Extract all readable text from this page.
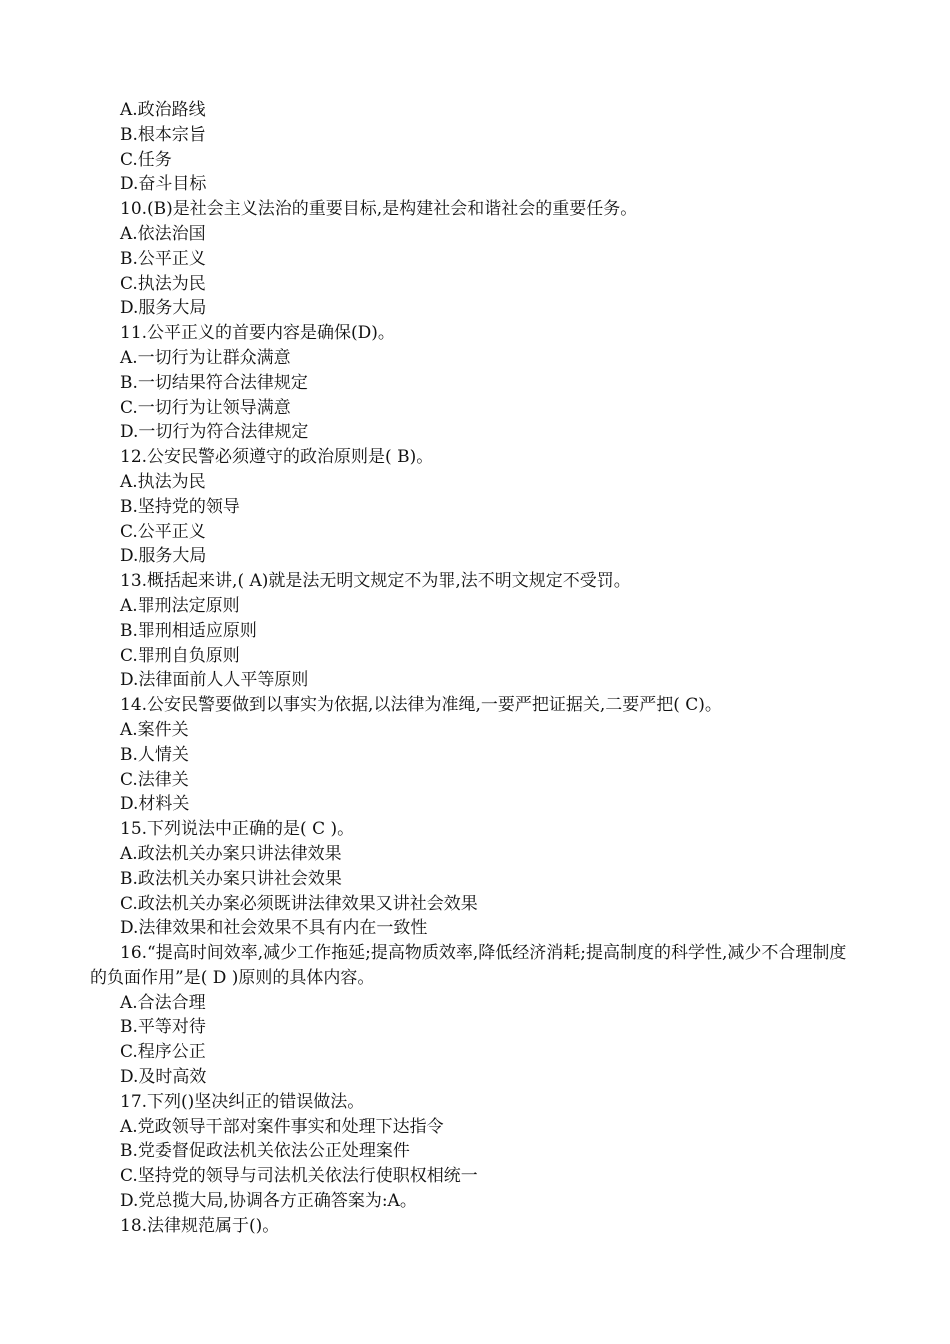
A.政治路线
B.根本宗旨
C.任务
D.奋斗目标
10.(B)是社会主义法治的重要目标,是构建社会和谐社会的重要任务。
A.依法治国
B.公平正义
C.执法为民
D.服务大局
11.公平正义的首要内容是确保(D)。
A.一切行为让群众满意
B.一切结果符合法律规定
C.一切行为让领导满意
D.一切行为符合法律规定
12.公安民警必须遵守的政治原则是( B)。
A.执法为民
B.坚持党的领导
C.公平正义
D.服务大局
13.概括起来讲,( A)就是法无明文规定不为罪,法不明文规定不受罚。
A.罪刑法定原则
B.罪刑相适应原则
C.罪刑自负原则
D.法律面前人人平等原则
14.公安民警要做到以事实为依据,以法律为准绳,一要严把证据关,二要严把( C)。
A.案件关
B.人情关
C.法律关
D.材料关
15.下列说法中正确的是( C )。
A.政法机关办案只讲法律效果
B.政法机关办案只讲社会效果
C.政法机关办案必须既讲法律效果又讲社会效果
D.法律效果和社会效果不具有内在一致性
16.“提高时间效率,减少工作拖延;提高物质效率,降低经济消耗;提高制度的科学性,减少不合理制度的负面作用”是( D )原则的具体内容。
A.合法合理
B.平等对待
C.程序公正
D.及时高效
17.下列()坚决纠正的错误做法。
A.党政领导干部对案件事实和处理下达指令
B.党委督促政法机关依法公正处理案件
C.坚持党的领导与司法机关依法行使职权相统一
D.党总揽大局,协调各方正确答案为:A。
18.法律规范属于()。
